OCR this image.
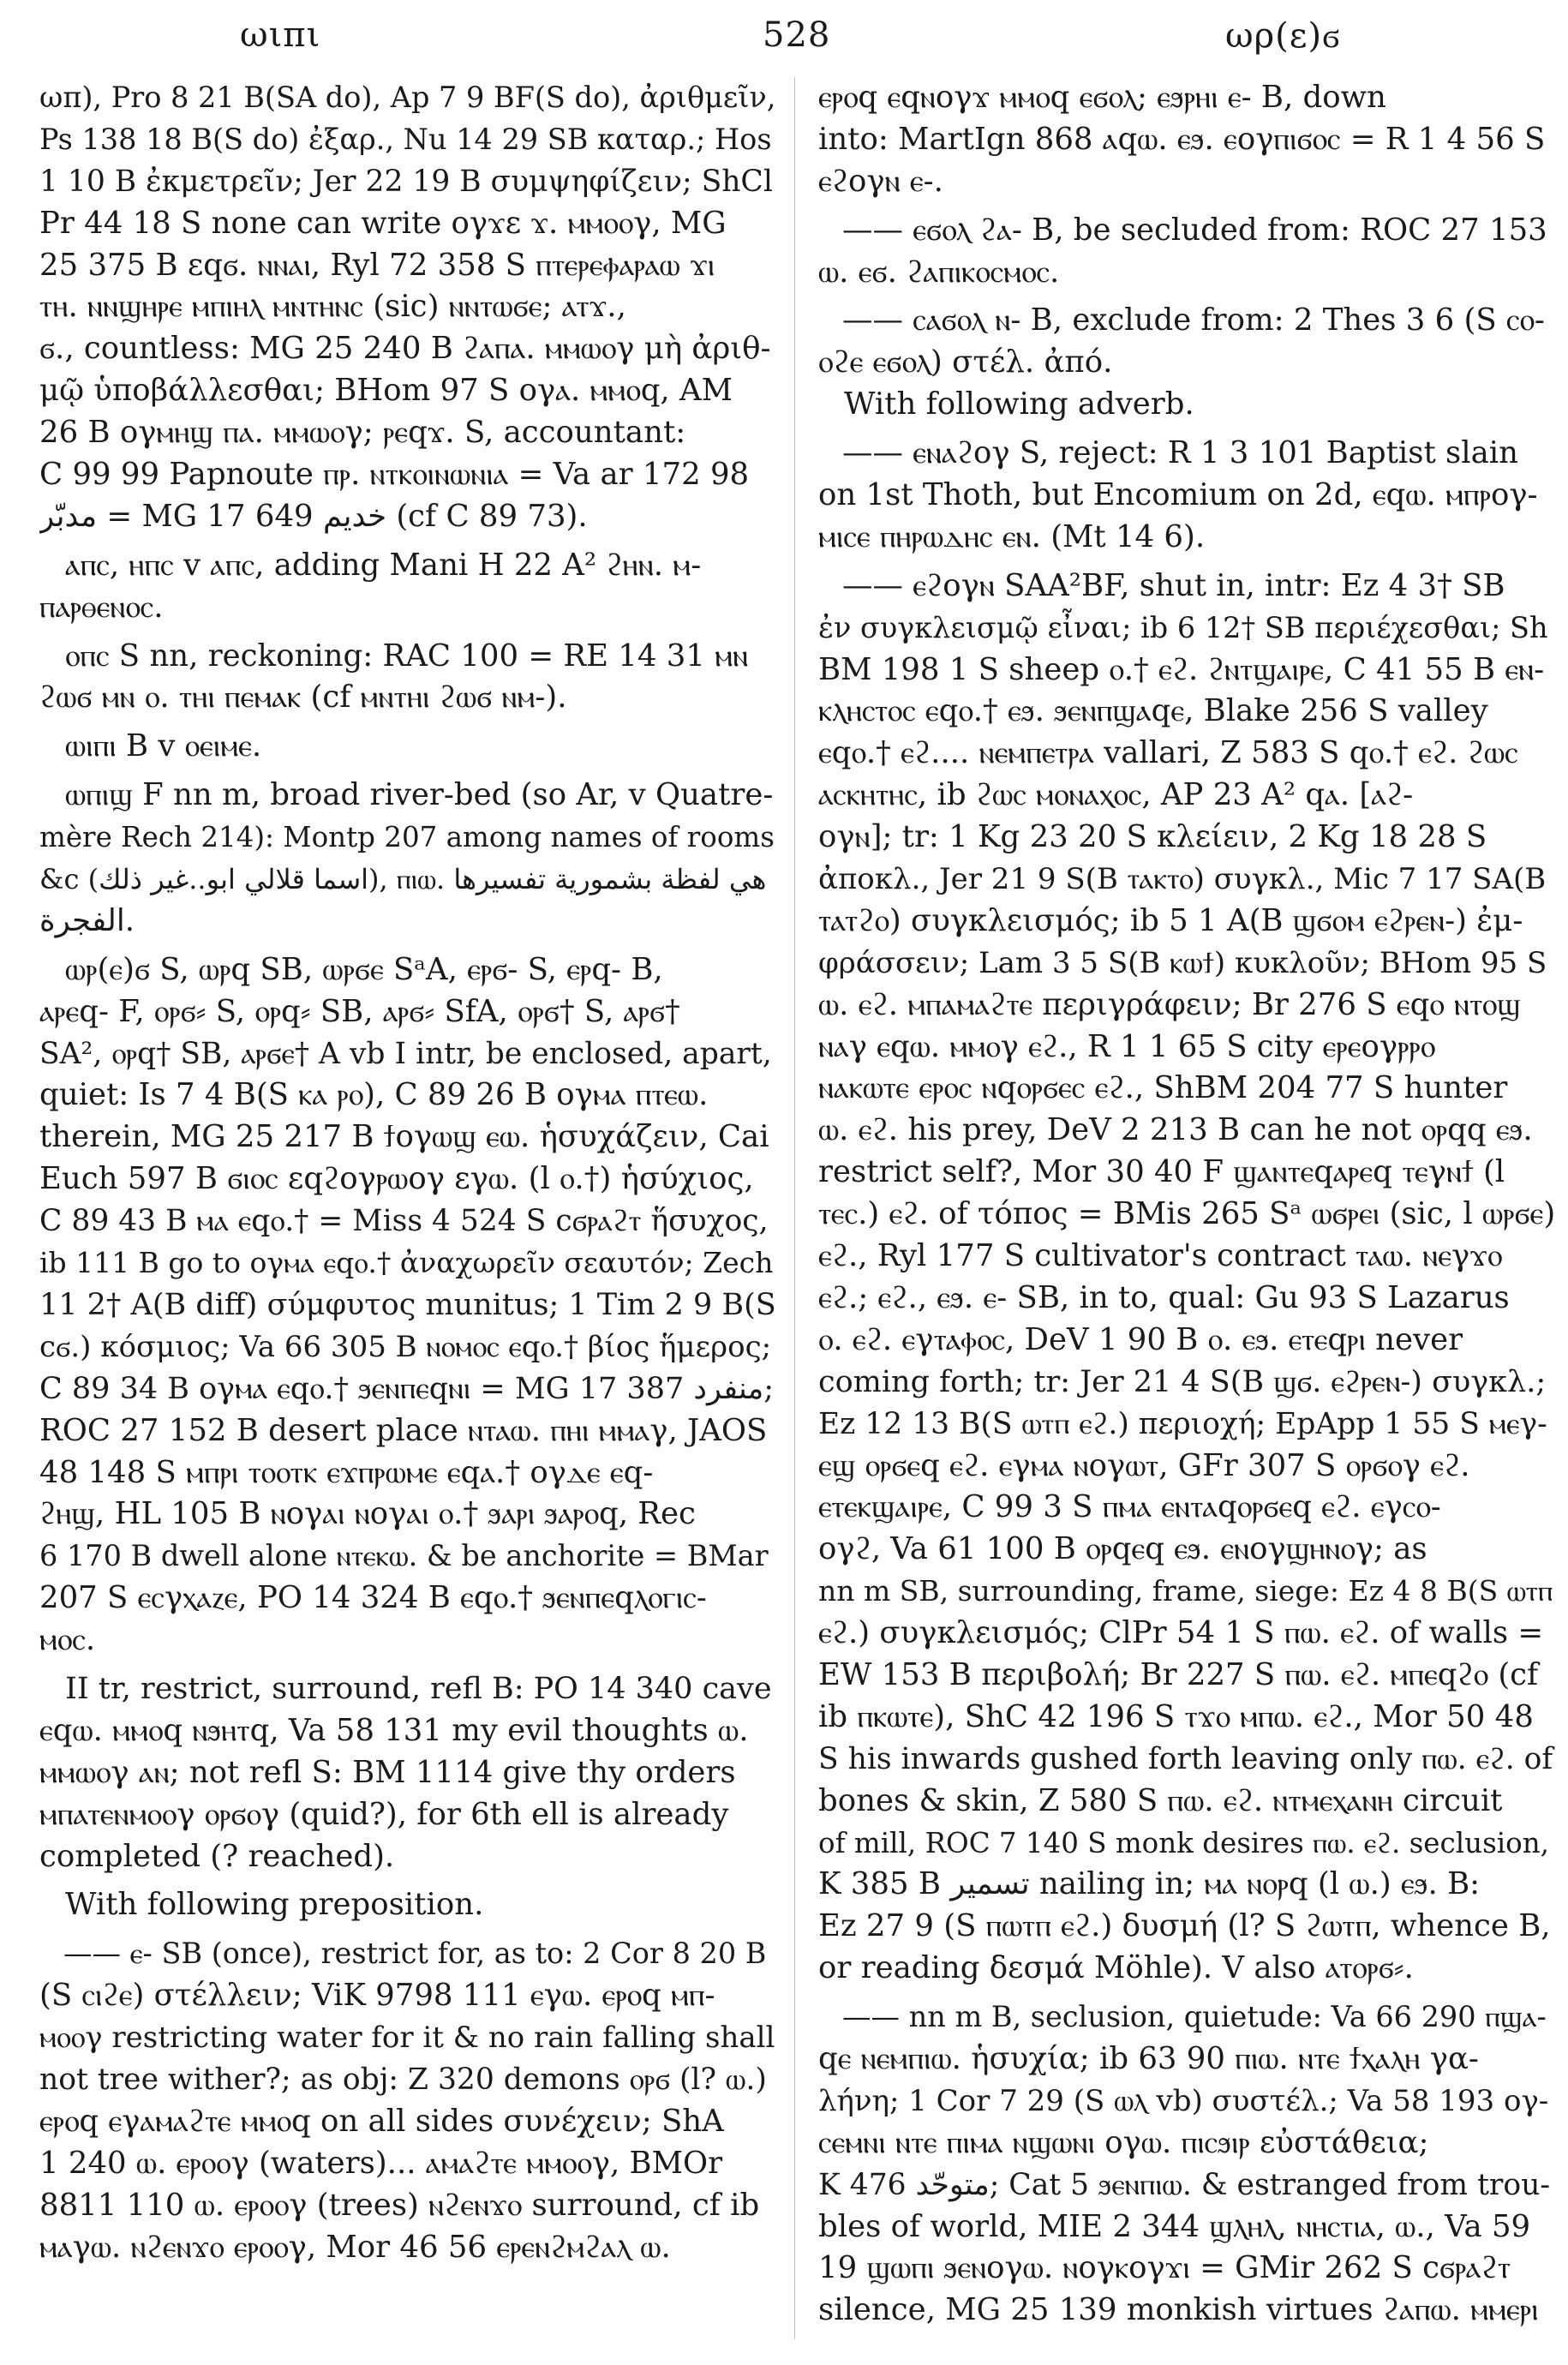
ωιπι	528	ωρ(ε)ϭ
ωπ), Pro 8 21 B(SA do), Ap 7 9 BF(S do), ἀριθμεῖν,
Ps 138 18 B(S do) ἐξαρ., Nu 14 29 SB καταρ.; Hos
1 10 B ἐκμετρεῖν; Jer 22 19 B συμψηφίζειν; ShCl
Pr 44 18 S none can write ογϫε ϫ. ⲙⲙⲟⲟγ, MG
25 375 B εqϭ. ⲛⲛⲁⲓ, Ryl 72 358 S ⲡⲧⲉⲣⲉⲫⲁⲣⲁⲱ ϫⲓ
ⲧⲏ. ⲛⲛϣⲏⲣⲉ ⲙⲡⲓⲏⲗ ⲙⲛⲧⲏⲛⲥ (sic) ⲛⲛⲧⲱϭⲉ; ⲁⲧϫ.,
ϭ., countless: MG 25 240 B ϩⲁⲡⲁ. ⲙⲙⲱⲟγ μὴ ἀριθ-
μῷ ὑποβάλλεσθαι; BHom 97 S ογⲁ. ⲙⲙⲟq, AM
26 B ογⲙⲏϣ ⲡⲁ. ⲙⲙⲱⲟγ; ⲣⲉqϫ. S, accountant:
C 99 99 Papnoute ⲡⲣ. ⲛⲧⲕⲟⲓⲛⲱⲛⲓⲁ = Va ar 172 98
مدبّر = MG 17 649 خديم (cf C 89 73).
ⲁⲡⲥ, ⲏⲡⲥ v ⲁⲡⲥ, adding Mani H 22 A² ϩⲏⲛ. ⲙ-
ⲡⲁⲣⲑⲉⲛⲟⲥ.
ⲟⲡⲥ S nn, reckoning: RAC 100 = RE 14 31 ⲙⲛ
ϩⲱϭ ⲙⲛ ⲟ. ⲧⲏⲓ ⲡⲉⲙⲁⲕ (cf ⲙⲛⲧⲏⲓ ϩⲱϭ ⲛⲙ-).
ⲱⲓⲡⲓ B v ⲟⲉⲓⲙⲉ.
ⲱⲡⲓϣ F nn m, broad river-bed (so Ar, v Quatre-
mère Rech 214): Montp 207 among names of rooms
&c (اسما قلالي ابو..غير ذلك), ⲡⲓⲱ. هي لفظة بشمورية تفسيرها
الفجرة.
ⲱⲣ(ⲉ)ϭ S, ⲱⲣq SB, ⲱⲣϭⲉ SᵃA, ⲉⲣϭ- S, ⲉⲣq- B,
ⲁⲣⲉq- F, ⲟⲣϭ⸗ S, ⲟⲣq⸗ SB, ⲁⲣϭ⸗ SfA, ⲟⲣϭ† S, ⲁⲣϭ†
SA², ⲟⲣq† SB, ⲁⲣϭⲉ† A vb I intr, be enclosed, apart,
quiet: Is 7 4 B(S ⲕⲁ ⲣⲟ), C 89 26 B ογⲙⲁ ⲡⲧⲉⲱ.
therein, MG 25 217 B ϯογⲱϣ ⲉⲱ. ἡσυχάζειν, Cai
Euch 597 B ϭⲓⲟⲥ εqϩογⲣⲱογ εγⲱ. (l ⲟ.†) ἡσύχιος,
C 89 43 B ⲙⲁ ⲉqⲟ.† = Miss 4 524 S cϭⲣⲁϩⲧ ἥσυχος,
ib 111 B go to ογⲙⲁ ⲉqⲟ.† ἀναχωρεῖν σεαυτόν; Zech
11 2† A(B diff) σύμφυτος munitus; 1 Tim 2 9 B(S
cϭ.) κόσμιος; Va 66 305 B ⲛⲟⲙⲟⲥ ⲉqⲟ.† βίος ἥμερος;
C 89 34 B ογⲙⲁ ⲉqⲟ.† ϧⲉⲛⲡⲉqⲛⲓ = MG 17 387 منفرد;
ROC 27 152 B desert place ⲛⲧⲁⲱ. ⲡⲏⲓ ⲙⲙⲁγ, JAOS
48 148 S ⲙⲡⲣⲓ ⲧⲟⲟⲧⲕ ⲉϫⲡⲣⲱⲙⲉ ⲉqⲁ.† ογⲇⲉ ⲉq-
ϩⲏϣ, HL 105 B ⲛογⲁⲓ ⲛογⲁⲓ ⲟ.† ϧⲁⲣⲓ ϧⲁⲣⲟq, Rec
6 170 B dwell alone ⲛⲧⲉⲕⲱ. & be anchorite = BMar
207 S ⲉⲥγⲭⲁⲍⲉ, PO 14 324 B ⲉqⲟ.† ϧⲉⲛⲡⲉqⲗⲟⲅⲓⲥ-
ⲙⲟⲥ.
II tr, restrict, surround, refl B: PO 14 340 cave
ⲉqⲱ. ⲙⲙⲟq ⲛϧⲏⲧq, Va 58 131 my evil thoughts ⲱ.
ⲙⲙⲱⲟγ ⲁⲛ; not refl S: BM 1114 give thy orders
ⲙⲡⲁⲧⲉⲛⲙⲟⲟγ ⲟⲣϭⲟγ (quid?), for 6th ell is already
completed (? reached).
With following preposition.
—— ⲉ- SB (once), restrict for, as to: 2 Cor 8 20 B
(S ⲥⲓϩⲉ) στέλλειν; ViK 9798 111 ⲉγⲱ. ⲉⲣⲟq ⲙⲡ-
ⲙⲟⲟγ restricting water for it & no rain falling shall
not tree wither?; as obj: Z 320 demons ⲟⲣϭ (l? ⲱ.)
ⲉⲣⲟq ⲉγⲁⲙⲁϩⲧⲉ ⲙⲙⲟq on all sides συνέχειν; ShA
1 240 ⲱ. ⲉⲣⲟⲟγ (waters)... ⲁⲙⲁϩⲧⲉ ⲙⲙⲟⲟγ, BMOr
8811 110 ⲱ. ⲉⲣⲟⲟγ (trees) ⲛϩⲉⲛϫⲟ surround, cf ib
ⲙⲁγⲱ. ⲛϩⲉⲛϫⲟ ⲉⲣⲟⲟγ, Mor 46 56 ⲉⲣⲉⲛϩⲙϩⲁⲗ ⲱ.
ⲉⲣⲟq ⲉqⲛογϫ ⲙⲙⲟq ⲉϭⲟⲗ; ⲉϧⲣⲏⲓ ⲉ- B, down
into: MartIgn 868 ⲁqⲱ. ⲉϧ. ⲉογⲡⲓϭⲟⲥ = R 1 4 56 S
ⲉϩογⲛ ⲉ-.
—— ⲉϭⲟⲗ ϩⲁ- B, be secluded from: ROC 27 153
ⲱ. ⲉϭ. ϩⲁⲡⲓⲕⲟⲥⲙⲟⲥ.
—— ⲥⲁϭⲟⲗ ⲛ- B, exclude from: 2 Thes 3 6 (S ⲥⲟ-
ⲟϩⲉ ⲉϭⲟⲗ) στέλ. ἀπό.
With following adverb.
—— ⲉⲛⲁϩογ S, reject: R 1 3 101 Baptist slain
on 1st Thoth, but Encomium on 2d, ⲉqⲱ. ⲙⲡⲣογ-
ⲙⲓⲥⲉ ⲡⲏⲣⲱⲇⲏⲥ ⲉⲛ. (Mt 14 6).
—— ⲉϩογⲛ SAA²BF, shut in, intr: Ez 4 3† SB
ἐν συγκλεισμῷ εἶναι; ib 6 12† SB περιέχεσθαι; Sh
BM 198 1 S sheep ⲟ.† ⲉϩ. ϩⲛⲧϣⲁⲓⲣⲉ, C 41 55 B ⲉⲛ-
ⲕⲗⲏⲥⲧⲟⲥ ⲉqⲟ.† ⲉϧ. ϧⲉⲛⲡϣⲁqⲉ, Blake 256 S valley
ⲉqⲟ.† ⲉϩ.... ⲛⲉⲙⲡⲉⲧⲣⲁ vallari, Z 583 S qⲟ.† ⲉϩ. ϩⲱⲥ
ⲁⲥⲕⲏⲧⲏⲥ, ib ϩⲱⲥ ⲙⲟⲛⲁⲭⲟⲥ, AP 23 A² qⲁ. [ⲁϩ-
ογⲛ]; tr: 1 Kg 23 20 S κλείειν, 2 Kg 18 28 S
ἀποκλ., Jer 21 9 S(B ⲧⲁⲕⲧⲟ) συγκλ., Mic 7 17 SA(B
ⲧⲁⲧϩⲟ) συγκλεισμός; ib 5 1 A(B ϣϭⲟⲙ ⲉϩⲣⲉⲛ-) ἐμ-
φράσσειν; Lam 3 5 S(B ⲕⲱϯ) κυκλοῦν; BHom 95 S
ⲱ. ⲉϩ. ⲙⲡⲁⲙⲁϩⲧⲉ περιγράφειν; Br 276 S ⲉqⲟ ⲛⲧⲟϣ
ⲛⲁγ ⲉqⲱ. ⲙⲙⲟγ ⲉϩ., R 1 1 65 S city ⲉⲣⲉογⲣⲣⲟ
ⲛⲁⲕⲱⲧⲉ ⲉⲣⲟⲥ ⲛqⲟⲣϭⲉⲥ ⲉϩ., ShBM 204 77 S hunter
ⲱ. ⲉϩ. his prey, DeV 2 213 B can he not ⲟⲣqq ⲉϧ.
restrict self?, Mor 30 40 F ϣⲁⲛⲧⲉqⲁⲣⲉq ⲧⲉγⲛϯ (l
ⲧⲉⲥ.) ⲉϩ. of τόπος = BMis 265 Sᵃ ⲱϭⲣⲉⲓ (sic, l ⲱⲣϭⲉ)
ⲉϩ., Ryl 177 S cultivator's contract ⲧⲁⲱ. ⲛⲉγϫⲟ
ⲉϩ.; ⲉϩ., ⲉϧ. ⲉ- SB, in to, qual: Gu 93 S Lazarus
ⲟ. ⲉϩ. ⲉγⲧⲁⲫⲟⲥ, DeV 1 90 B ⲟ. ⲉϧ. ⲉⲧⲉqⲣⲓ never
coming forth; tr: Jer 21 4 S(B ϣϭ. ⲉϩⲣⲉⲛ-) συγκλ.;
Ez 12 13 B(S ⲱⲧⲡ ⲉϩ.) περιοχή; EpApp 1 55 S ⲙⲉγ-
ⲉϣ ⲟⲣϭⲉq ⲉϩ. ⲉγⲙⲁ ⲛογⲱⲧ, GFr 307 S ⲟⲣϭⲟγ ⲉϩ.
ⲉⲧⲉⲕϣⲁⲓⲣⲉ, C 99 3 S ⲡⲙⲁ ⲉⲛⲧⲁqⲟⲣϭⲉq ⲉϩ. ⲉγⲥⲟ-
ογϩ, Va 61 100 B ⲟⲣqⲉq ⲉϧ. ⲉⲛογϣⲏⲛⲟγ; as
nn m SB, surrounding, frame, siege: Ez 4 8 B(S ⲱⲧⲡ
ⲉϩ.) συγκλεισμός; ClPr 54 1 S ⲡⲱ. ⲉϩ. of walls =
EW 153 B περιβολή; Br 227 S ⲡⲱ. ⲉϩ. ⲙⲡⲉqϩⲟ (cf
ib ⲡⲕⲱⲧⲉ), ShC 42 196 S ⲧϫⲟ ⲙⲡⲱ. ⲉϩ., Mor 50 48
S his inwards gushed forth leaving only ⲡⲱ. ⲉϩ. of
bones & skin, Z 580 S ⲡⲱ. ⲉϩ. ⲛⲧⲙⲉⲭⲁⲛⲏ circuit
of mill, ROC 7 140 S monk desires ⲡⲱ. ⲉϩ. seclusion,
K 385 B تسمير nailing in; ⲙⲁ ⲛⲟⲣq (l ⲱ.) ⲉϧ. B:
Ez 27 9 (S ⲡⲱⲧⲡ ⲉϩ.) δυσμή (l? S ϩⲱⲧⲡ, whence B,
or reading δεσμά Möhle). V also ⲁⲧⲟⲣϭ⸗.
—— nn m B, seclusion, quietude: Va 66 290 ⲡϣⲁ-
qⲉ ⲛⲉⲙⲡⲓⲱ. ἡσυχία; ib 63 90 ⲡⲓⲱ. ⲛⲧⲉ ϯⲭⲁⲗⲏ γα-
λήνη; 1 Cor 7 29 (S ⲱⲗ vb) συστέλ.; Va 58 193 ογ-
ⲥⲉⲙⲛⲓ ⲛⲧⲉ ⲡⲓⲙⲁ ⲛϣⲱⲛⲓ ογⲱ. ⲡⲓⲥϧⲓⲣ εὐστάθεια;
K 476 متوحّد; Cat 5 ϧⲉⲛⲡⲓⲱ. & estranged from trou-
bles of world, MIE 2 344 ϣⲗⲏⲗ, ⲛⲏⲥⲧⲓⲁ, ⲱ., Va 59
19 ϣⲱⲡⲓ ϧⲉⲛογⲱ. ⲛογⲕογϫⲓ = GMir 262 S cϭⲣⲁϩⲧ
silence, MG 25 139 monkish virtues ϩⲁⲡⲱ. ⲙⲙⲉⲣⲓ
